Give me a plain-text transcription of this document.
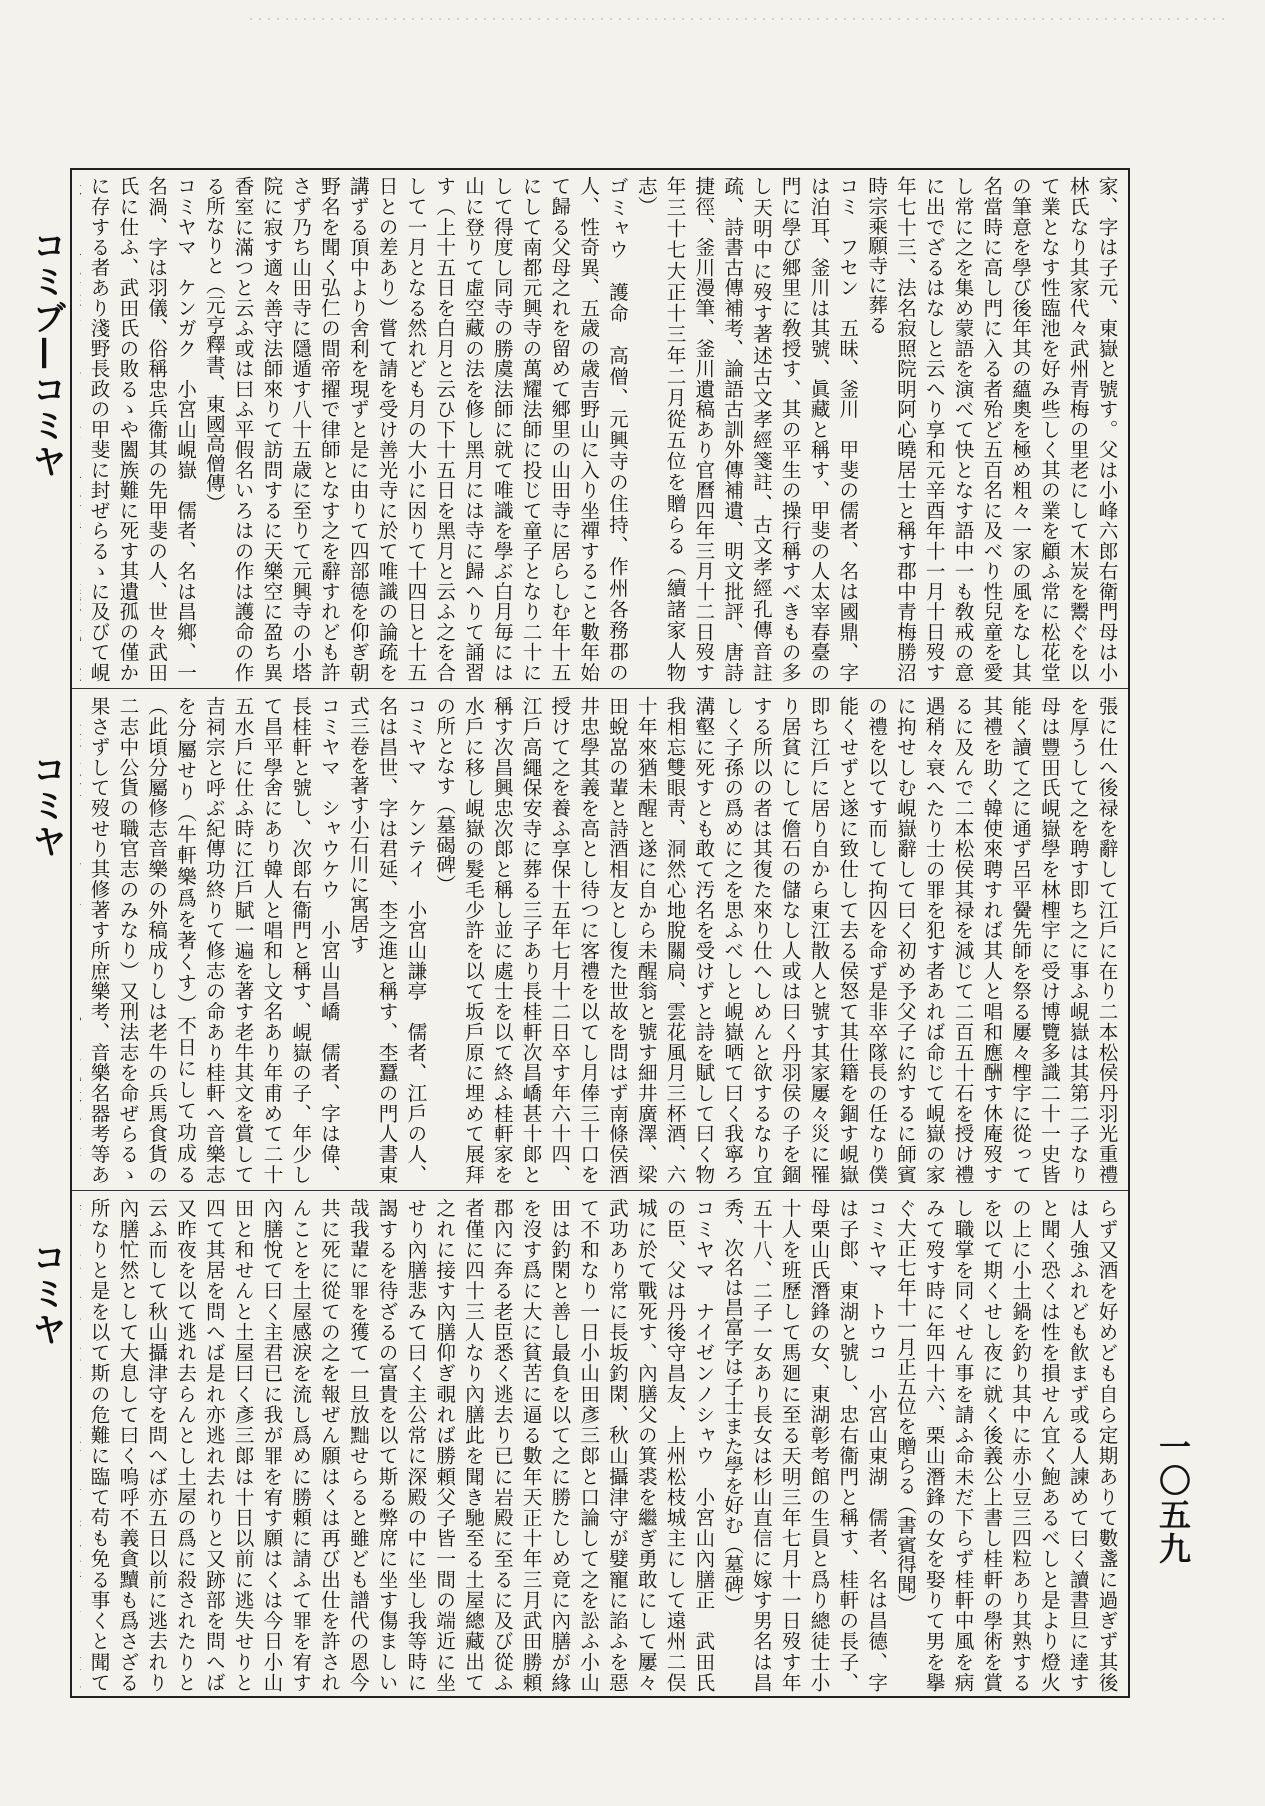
コミブ—コミヤ
コミヤ
コミヤ
家、字は子元、東嶽と號す。父は小峰六郎右衛門母は小林氏なり其家代々武州青梅の里老にして木炭を鬻ぐを以て業となす性臨池を好み些しく其の業を顧ふ常に松花堂の筆意を學び後年其の蘊奧を極め粗々一家の風をなし其名當時に高し門に入る者殆ど五百名に及べり性兒童を愛し常に之を集め蒙語を演べて快となす語中一も敎戒の意に出でざるはなしと云へり享和元辛酉年十一月十日歿す年七十三、法名寂照院明阿心曉居士と稱す郡中青梅勝沼時宗乘願寺に葬る
コミ　フセン　五昧、釜川　甲斐の儒者、名は國鼎、字は泊耳、釜川は其號、眞藏と稱す、甲斐の人太宰春臺の門に學び郷里に敎授す、其の平生の操行稱すべきもの多し天明中に歿す著述古文孝經箋註、古文孝經孔傳音註疏、詩書古傳補考、論語古訓外傳補遺、明文批評、唐詩捷徑、釜川漫筆、釜川遺稿あり官曆四年三月十二日歿す年三十七大正十三年二月從五位を贈らる（續諸家人物志）
ゴミャウ　護命　高僧、元興寺の住持、作州各務郡の人、性奇異、五歳の歳吉野山に入り坐禪すること數年始て歸る父母之れを留めて郷里の山田寺に居らしむ年十五にして南都元興寺の萬耀法師に投じて童子となり二十にして得度し同寺の勝虞法師に就て唯識を學ぶ白月毎には山に登りて虛空藏の法を修し黑月には寺に歸へりて誦習す（上十五日を白月と云ひ下十五日を黑月と云ふ之を合して一月となる然れども月の大小に因りて十四日と十五日との差あり）嘗て請を受け善光寺に於て唯識の論疏を講ずる頂中より舍利を現ずと是に由りて四部德を仰ぎ朝野名を聞く弘仁の間帝擢で律師となす之を辭すれども許さず乃ち山田寺に隱遁す八十五歳に至りて元興寺の小塔院に寂す適々善守法師來りて訪問するに天樂空に盈ち異香室に滿つと云ふ或は曰ふ平假名いろはの作は護命の作る所なりと（元亨釋書、東國高僧傳）
コミヤマ　ケンガク　小宮山峴嶽　儒者、名は昌鄉、一名渦、字は羽儀、俗稱忠兵衞其の先甲斐の人、世々武田氏に仕ふ、武田氏の敗るゝや闔族難に死す其遺孤の僅かに存する者あり淺野長政の甲斐に封ぜらるゝに及びて峴
張に仕へ後禄を辭して江戶に在り二本松侯丹羽光重禮を厚うして之を聘す即ち之に事ふ峴嶽は其第二子なり母は豐田氏峴嶽學を林檉宇に受け博覽多識二十一史皆能く讀て之に通ず呂平黌先師を祭る屢々檉宇に從って其禮を助く韓使來聘すれば其人と唱和應酬す休庵歿するに及んで二本松侯其禄を減じて二百五十石を授け禮遇稍々衰へたり士の罪を犯す者あれば命じて峴嶽の家に拘せしむ峴嶽辭して曰く初め予父子に約するに師賓の禮を以てす而して拘囚を命ず是非卒隊長の任なり僕能くせずと遂に致仕して去る侯怒て其仕籍を錮す峴嶽即ち江戶に居り自から東江散人と號す其家屢々災に罹り居貧にして儋石の儲なし人或は曰く丹羽侯の子を錮する所以の者は其復た來り仕へしめんと欲するなり宜しく子孫の爲めに之を思ふべしと峴嶽哂て曰く我寧ろ溝壑に死すとも敢て汚名を受けずと詩を賦して曰く物我相忘雙眼靑、洞然心地脫關扃、雲花風月三杯酒、六十年來猶未醒と遂に自から未醒翁と號す細井廣澤、梁田蛻嵓の輩と詩酒相友とし復た世故を問はず南條侯酒井忠學其義を高とし待つに客禮を以てし月俸三十口を授けて之を養ふ享保十五年七月十二日卒す年六十四、江戶高繩保安寺に葬る三子あり長桂軒次昌嶠甚十郞と稱す次昌興忠次郞と稱し並に處士を以て終ふ桂軒家を水戶に移し峴嶽の髮毛少許を以て坂戶原に埋めて展拜の所となす（墓碣碑）
コミヤマ　ケンテイ　小宮山謙亭　儒者、江戶の人、名は昌世、字は君延、杢之進と稱す、杢蠶の門人書東式三卷を著す小石川に寓居す
コミヤマ　シャウケウ　小宮山昌嶠　儒者、字は偉、長桂軒と號し、次郞右衞門と稱す、峴嶽の子、年少して昌平學舍にあり韓人と唱和し文名あり年甫めて二十五水戶に仕ふ時に江戶賦一遍を著す老牛其文を賞して吉祠宗と呼ぶ紀傳功終りて修志の命あり桂軒へ音樂志を分屬せり（牛軒樂爲を著くす）不日にして功成る（此頃分屬修志音樂の外稿成りしは老牛の兵馬食貨の二志中公貨の職官志のみなり）又刑法志を命ぜらるゝ果さずして歿せり其修著す所庶樂考、音樂名器考等あ
らず又酒を好めども自ら定期ありて數盞に過ぎず其後は人強ふれども飮まず或る人諫めて曰く讀書旦に達すと聞く恐くは性を損せん宜く鮑あるべしと是より燈火の上に小土鍋を釣り其中に赤小豆三四粒あり其熟するを以て期くせし夜に就く後義公上書し桂軒の學術を賞し職掌を同くせん事を請ふ命未だ下らず桂軒中風を病みて歿す時に年四十六、栗山潛鋒の女を娶りて男を擧ぐ大正七年十一月正五位を贈らる（書賓得聞）
コミヤマ　トウコ　小宮山東湖　儒者、名は昌德、字は子郞、東湖と號し、忠右衞門と稱す、桂軒の長子、母栗山氏潛鋒の女、東湖彰考館の生員と爲り總徒士小十人を班歷して馬廻に至る天明三年七月十一日歿す年五十八、二子一女あり長女は杉山直信に嫁す男名は昌秀、次名は昌富字は子士また學を好む（墓碑）
コミヤマ　ナイゼンノシャウ　小宮山內膳正　武田氏の臣、父は丹後守昌友、上州松枝城主にして遠州二俣城に於て戰死す、內膳父の箕裘を繼ぎ勇敢にして屢々武功あり常に長坂釣閑、秋山攝津守が嬖寵に諂ふを惡て不和なり一日小山田彥三郞と口論して之を訟ふ小山田は釣閑と善し最負を以て之に勝たしめ竟に內膳が緣を沒す爲に大に貧苦に逼る數年天正十年三月武田勝頼郡內に奔る老臣悉く逃去り已に岩殿に至るに及び從ふ者僅に四十三人なり內膳此を聞き馳至る土屋總藏出て之れに接す內膳仰ぎ覗れば勝頼父子皆一間の端近に坐せり內膳悲みて曰く主公常に深殿の中に坐し我等時に謁するを待ざるの富貴を以て斯る弊席に坐す傷ましい哉我輩に罪を獲て一旦放黜せらると雖ども譜代の恩今共に死に從ての之を報ぜん願はくは再び出仕を許されんことを土屋感淚を流し爲めに勝頼に請ふて罪を宥す內膳悅て曰く主君已に我が罪を宥す願はくは今日小山田と和せんと土屋曰く彥三郞は十日以前に逃失せりと四て其居を問へば是れ亦逃れ去れりと又跡部を問へば又昨夜を以て逃れ去らんとし土屋の爲に殺されたりと云ふ而して秋山攝津守を問へば亦五日以前に逃去れり內膳忙然として大息して曰く嗚呼不義貪黷も爲さざる所なりと是を以て斯の危難に臨て苟も免る事くと聞て
一〇五九
